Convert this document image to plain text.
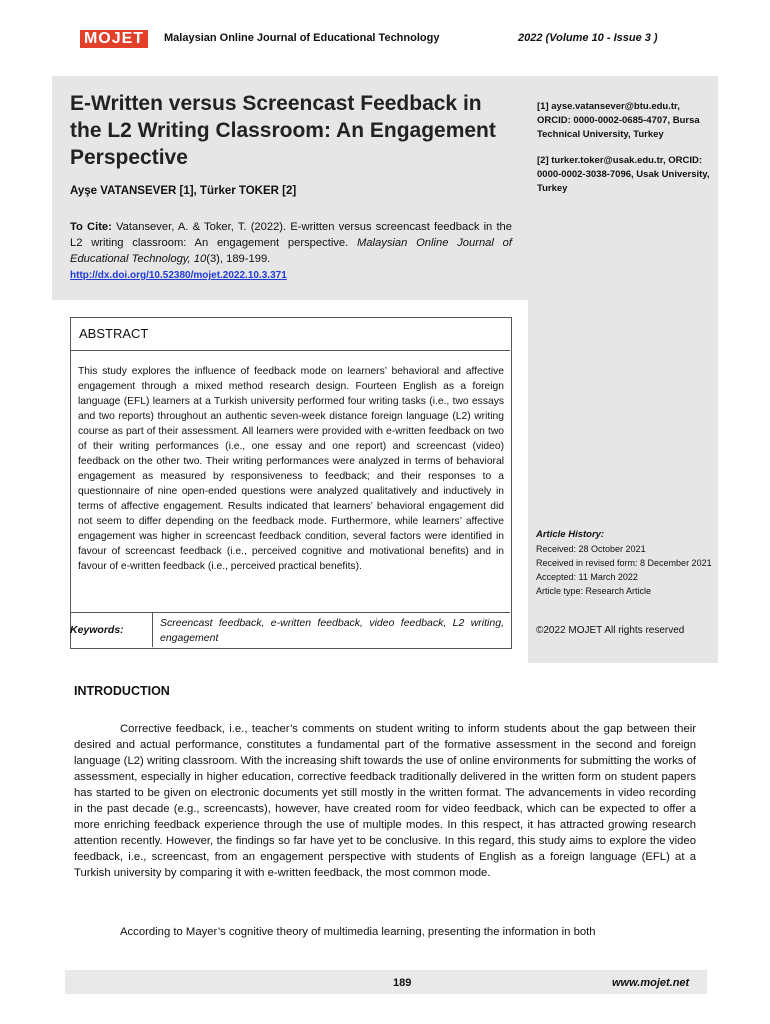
MOJET	Malaysian Online Journal of Educational Technology	2022 (Volume 10 - Issue 3 )
E-Written versus Screencast Feedback in the L2 Writing Classroom: An Engagement Perspective
Ayşe VATANSEVER [1], Türker TOKER [2]
To Cite: Vatansever, A. & Toker, T. (2022). E-written versus screencast feedback in the L2 writing classroom: An engagement perspective. Malaysian Online Journal of Educational Technology, 10(3), 189-199.
http://dx.doi.org/10.52380/mojet.2022.10.3.371
[1] ayse.vatansever@btu.edu.tr, ORCID: 0000-0002-0685-4707, Bursa Technical University, Turkey
[2] turker.toker@usak.edu.tr, ORCID: 0000-0002-3038-7096, Usak University, Turkey
ABSTRACT
This study explores the influence of feedback mode on learners’ behavioral and affective engagement through a mixed method research design. Fourteen English as a foreign language (EFL) learners at a Turkish university performed four writing tasks (i.e., two essays and two reports) throughout an authentic seven-week distance foreign language (L2) writing course as part of their assessment. All learners were provided with e-written feedback on two of their writing performances (i.e., one essay and one report) and screencast (video) feedback on the other two. Their writing performances were analyzed in terms of behavioral engagement as measured by responsiveness to feedback; and their responses to a questionnaire of nine open-ended questions were analyzed qualitatively and inductively in terms of affective engagement. Results indicated that learners’ behavioral engagement did not seem to differ depending on the feedback mode. Furthermore, while learners’ affective engagement was higher in screencast feedback condition, several factors were identified in favour of screencast feedback (i.e., perceived cognitive and motivational benefits) and in favour of e-written feedback (i.e., perceived practical benefits).
Keywords:
Screencast feedback, e-written feedback, video feedback, L2 writing, engagement
Article History:
Received: 28 October 2021
Received in revised form: 8 December 2021
Accepted: 11 March 2022
Article type: Research Article
©2022 MOJET All rights reserved
INTRODUCTION
Corrective feedback, i.e., teacher’s comments on student writing to inform students about the gap between their desired and actual performance, constitutes a fundamental part of the formative assessment in the second and foreign language (L2) writing classroom. With the increasing shift towards the use of online environments for submitting the works of assessment, especially in higher education, corrective feedback traditionally delivered in the written form on student papers has started to be given on electronic documents yet still mostly in the written format. The advancements in video recording in the past decade (e.g., screencasts), however, have created room for video feedback, which can be expected to offer a more enriching feedback experience through the use of multiple modes. In this respect, it has attracted growing research attention recently. However, the findings so far have yet to be conclusive. In this regard, this study aims to explore the video feedback, i.e., screencast, from an engagement perspective with students of English as a foreign language (EFL) at a Turkish university by comparing it with e-written feedback, the most common mode.
According to Mayer’s cognitive theory of multimedia learning, presenting the information in both
189	www.mojet.net
